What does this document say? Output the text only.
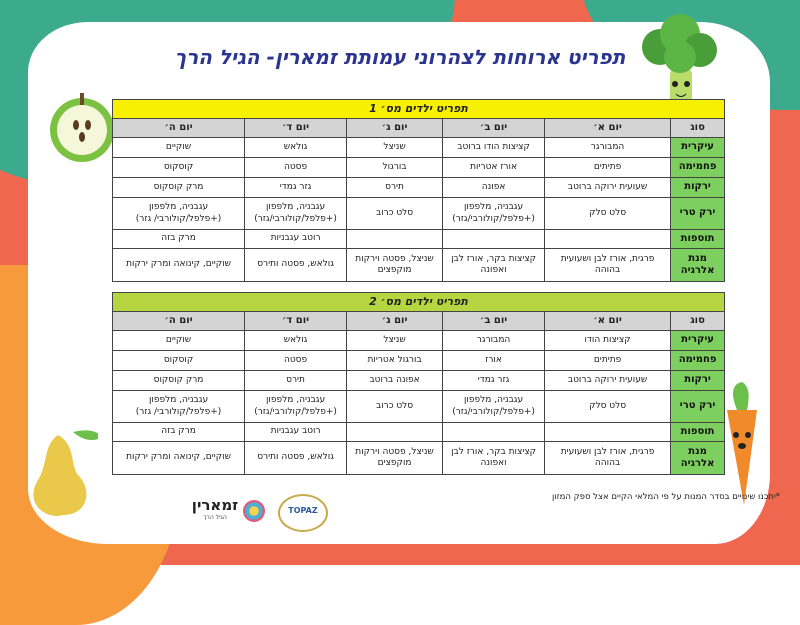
תפריט ארוחות לצהרוני עמותת זמארין- הגיל הרך
תפריט ילדים מס׳ 1					
סוג	יום א׳	יום ב׳	יום ג׳	יום ד׳	יום ה׳
עיקרית	המבורגר	קציצות הודו ברוטב	שניצל	גולאש	שוקיים
פחמימה	פתיתים	אורז אטריות	בורגול	פסטה	קוסקוס
ירקות	שעועית ירוקה ברוטב	אפונה	תירס	גזר גמדי	מרק קוסקוס
ירק טרי	סלט סלק	עגבניה, מלפפון (+פלפל/קולורבי/גזר)	סלט כרוב	עגבניה, מלפפון (+פלפל/קולורבי/גזר)	עגבניה, מלפפון (+פלפל/קולורבי/ גזר)
תוספות				רוטב עגבניות	מרק בזה
מנת אלרגיה	פרגית, אורז לבן ושעועית בהוהה	קציצות בקר, אורז לבן ואפונה	שניצל, פסטה וירקות מוקפצים	גולאש, פסטה ותירס	שוקיים, קינואה ומרק ירקות
תפריט ילדים מס׳ 2					
סוג	יום א׳	יום ב׳	יום ג׳	יום ד׳	יום ה׳
עיקרית	קציצות הודו	המבורגר	שניצל	גולאש	שוקיים
פחמימה	פתיתים	אורז	בורגול אטריות	פסטה	קוסקוס
ירקות	שעועית ירוקה ברוטב	גזר גמדי	אפונה ברוטב	תירס	מרק קוסקוס
ירק טרי	סלט סלק	עגבניה, מלפפון (+פלפל/קולורבי/גזר)	סלט כרוב	עגבניה, מלפפון (+פלפל/קולורבי/גזר)	עגבניה, מלפפון (+פלפל/קולורבי/ גזר)
תוספות				רוטב עגבניות	מרק בזה
מנת אלרגיה	פרגית, אורז לבן ושעועית בהוהה	קציצות בקר, אורז לבן ואפונה	שניצל, פסטה וירקות מוקפצים	גולאש, פסטה ותירס	שוקיים, קינואה ומרק ירקות
*יתכנו שינויים בסדר המנות על פי המלאי הקיים אצל ספק המזון
זמארין
הגיל הרך
TOPAZ
